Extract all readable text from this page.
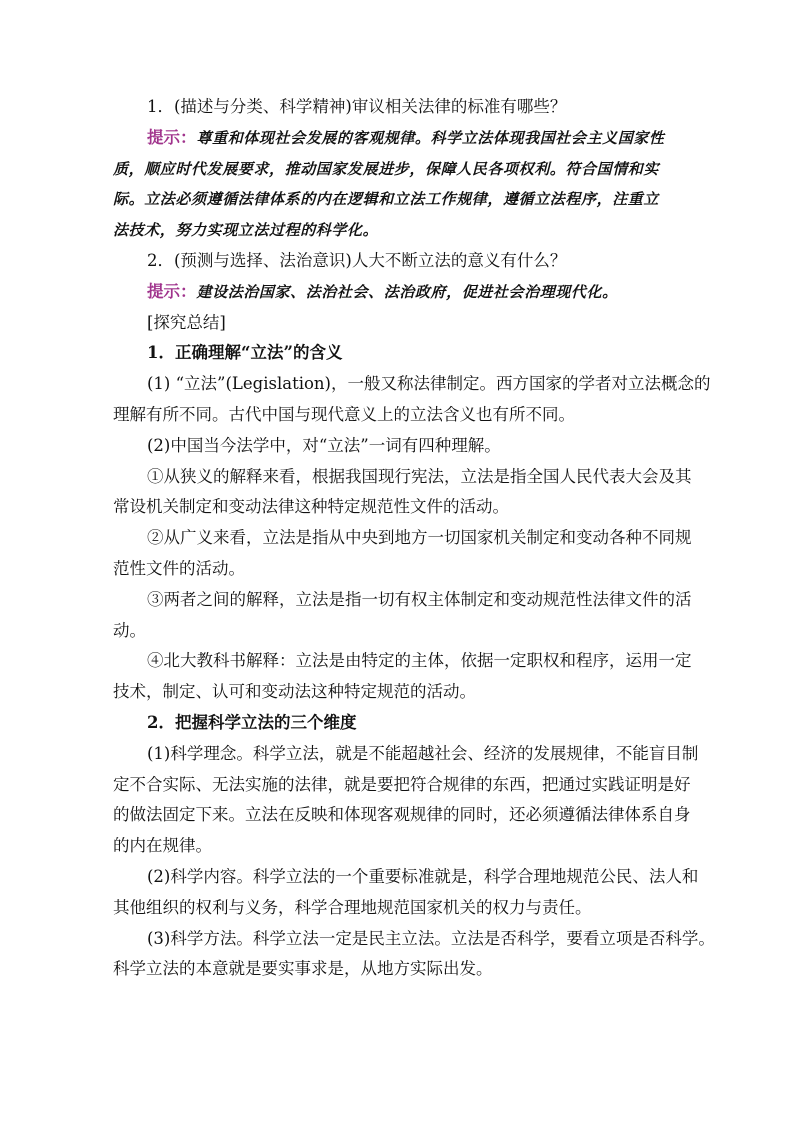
1．(描述与分类、科学精神)审议相关法律的标准有哪些？

提示：尊重和体现社会发展的客观规律。科学立法体现我国社会主义国家性

质，顺应时代发展要求，推动国家发展进步，保障人民各项权利。符合国情和实

际。立法必须遵循法律体系的内在逻辑和立法工作规律，遵循立法程序，注重立

法技术，努力实现立法过程的科学化。

2．(预测与选择、法治意识)人大不断立法的意义有什么？

提示：建设法治国家、法治社会、法治政府，促进社会治理现代化。

[探究总结]

1．正确理解“立法”的含义

(1) “立法”(Legislation)，一般又称法律制定。西方国家的学者对立法概念的

理解有所不同。古代中国与现代意义上的立法含义也有所不同。

(2)中国当今法学中，对“立法”一词有四种理解。

①从狭义的解释来看，根据我国现行宪法，立法是指全国人民代表大会及其

常设机关制定和变动法律这种特定规范性文件的活动。

②从广义来看，立法是指从中央到地方一切国家机关制定和变动各种不同规

范性文件的活动。

③两者之间的解释，立法是指一切有权主体制定和变动规范性法律文件的活

动。

④北大教科书解释：立法是由特定的主体，依据一定职权和程序，运用一定

技术，制定、认可和变动法这种特定规范的活动。

2．把握科学立法的三个维度

(1)科学理念。科学立法，就是不能超越社会、经济的发展规律，不能盲目制

定不合实际、无法实施的法律，就是要把符合规律的东西，把通过实践证明是好

的做法固定下来。立法在反映和体现客观规律的同时，还必须遵循法律体系自身

的内在规律。

(2)科学内容。科学立法的一个重要标准就是，科学合理地规范公民、法人和

其他组织的权利与义务，科学合理地规范国家机关的权力与责任。

(3)科学方法。科学立法一定是民主立法。立法是否科学，要看立项是否科学。

科学立法的本意就是要实事求是，从地方实际出发。
